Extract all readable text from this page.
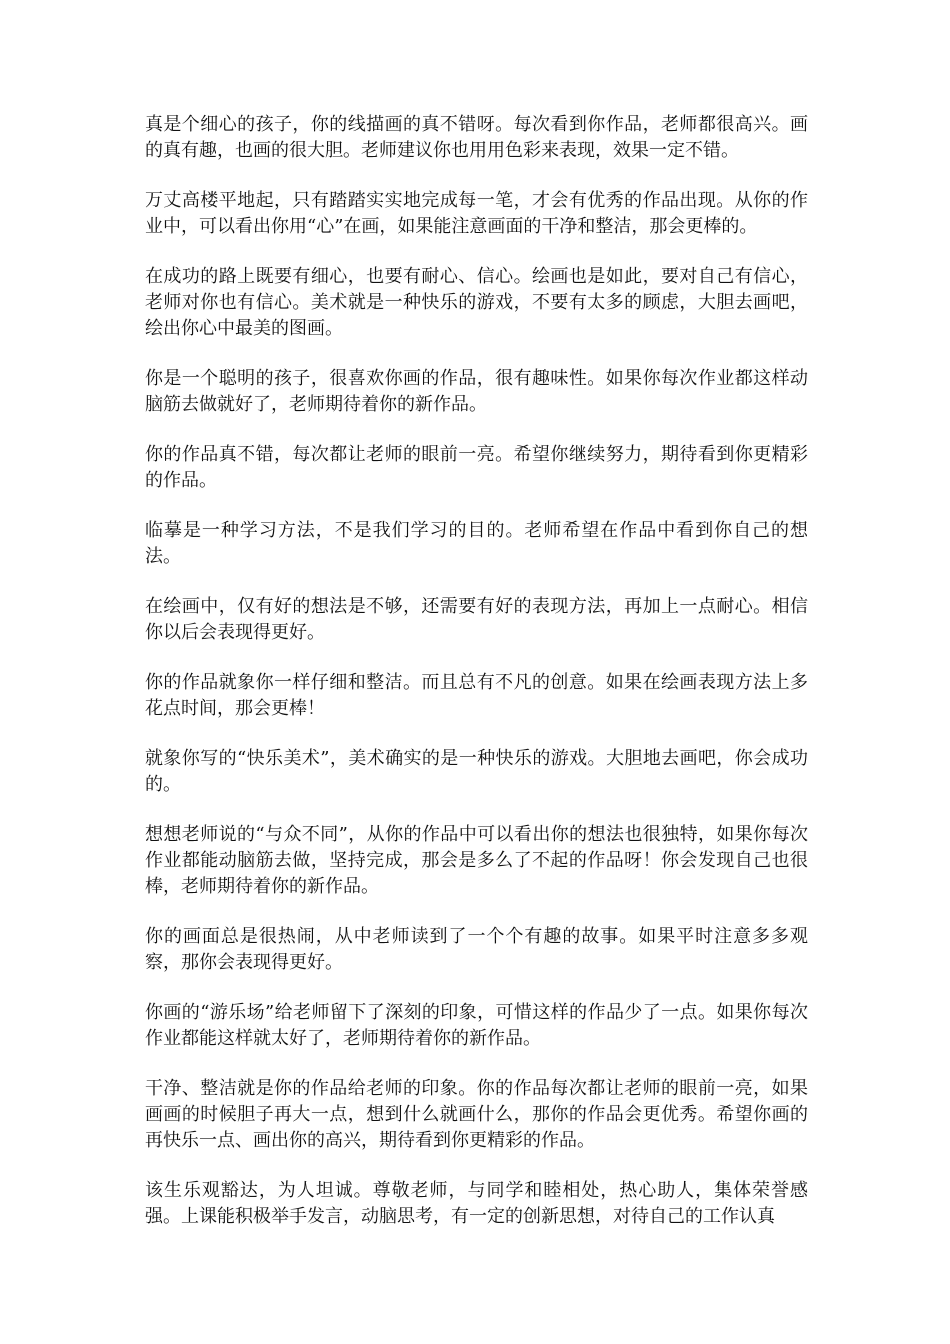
真是个细心的孩子，你的线描画的真不错呀。每次看到你作品，老师都很高兴。画的真有趣，也画的很大胆。老师建议你也用用色彩来表现，效果一定不错。

万丈高楼平地起，只有踏踏实实地完成每一笔，才会有优秀的作品出现。从你的作业中，可以看出你用“心”在画，如果能注意画面的干净和整洁，那会更棒的。

在成功的路上既要有细心，也要有耐心、信心。绘画也是如此，要对自己有信心，老师对你也有信心。美术就是一种快乐的游戏，不要有太多的顾虑，大胆去画吧，绘出你心中最美的图画。

你是一个聪明的孩子，很喜欢你画的作品，很有趣味性。如果你每次作业都这样动脑筋去做就好了，老师期待着你的新作品。

你的作品真不错，每次都让老师的眼前一亮。希望你继续努力，期待看到你更精彩的作品。

临摹是一种学习方法，不是我们学习的目的。老师希望在作品中看到你自己的想法。

在绘画中，仅有好的想法是不够，还需要有好的表现方法，再加上一点耐心。相信你以后会表现得更好。

你的作品就象你一样仔细和整洁。而且总有不凡的创意。如果在绘画表现方法上多花点时间，那会更棒！

就象你写的“快乐美术”，美术确实的是一种快乐的游戏。大胆地去画吧，你会成功的。

想想老师说的“与众不同”，从你的作品中可以看出你的想法也很独特，如果你每次作业都能动脑筋去做，坚持完成，那会是多么了不起的作品呀！你会发现自己也很棒，老师期待着你的新作品。

你的画面总是很热闹，从中老师读到了一个个有趣的故事。如果平时注意多多观察，那你会表现得更好。

你画的“游乐场”给老师留下了深刻的印象，可惜这样的作品少了一点。如果你每次作业都能这样就太好了，老师期待着你的新作品。

干净、整洁就是你的作品给老师的印象。你的作品每次都让老师的眼前一亮，如果画画的时候胆子再大一点，想到什么就画什么，那你的作品会更优秀。希望你画的再快乐一点、画出你的高兴，期待看到你更精彩的作品。

该生乐观豁达，为人坦诚。尊敬老师，与同学和睦相处，热心助人，集体荣誉感强。上课能积极举手发言，动脑思考，有一定的创新思想，对待自己的工作认真
